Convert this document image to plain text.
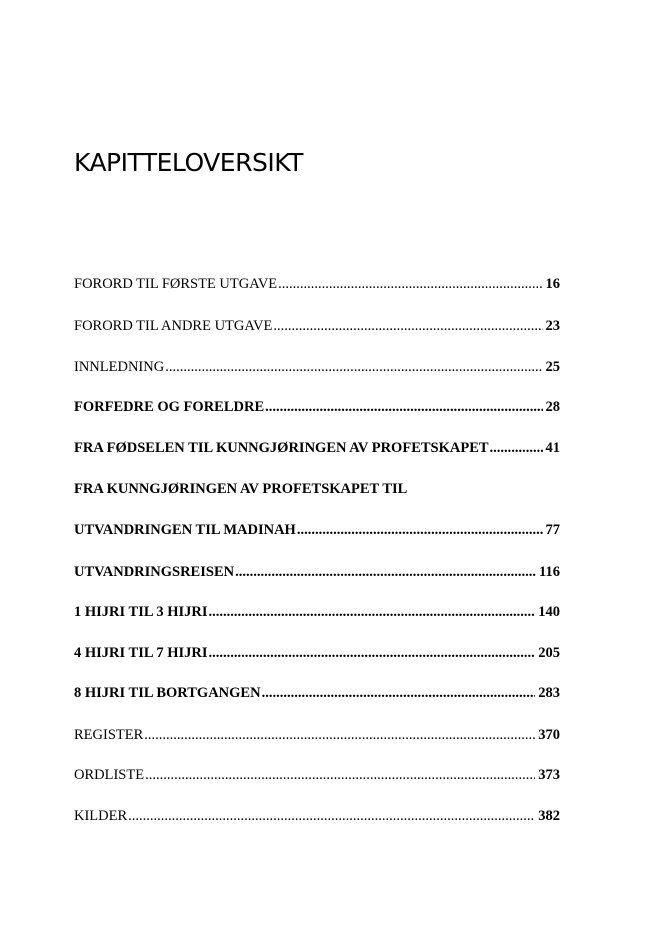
KAPITTELOVERSIKT
FORORD TIL FØRSTE UTGAVE .....	16
FORORD TIL ANDRE UTGAVE .....	23
INNLEDNING .....	25
FORFEDRE OG FORELDRE .....	28
FRA FØDSELEN TIL KUNNGJØRINGEN AV PROFETSKAPET .....	41
FRA KUNNGJØRINGEN AV PROFETSKAPET TIL
UTVANDRINGEN TIL MADINAH .....	77
UTVANDRINGSREISEN .....	116
1 HIJRI TIL 3 HIJRI .....	140
4 HIJRI TIL 7 HIJRI .....	205
8 HIJRI TIL BORTGANGEN .....	283
REGISTER .....	370
ORDLISTE .....	373
KILDER .....	382
